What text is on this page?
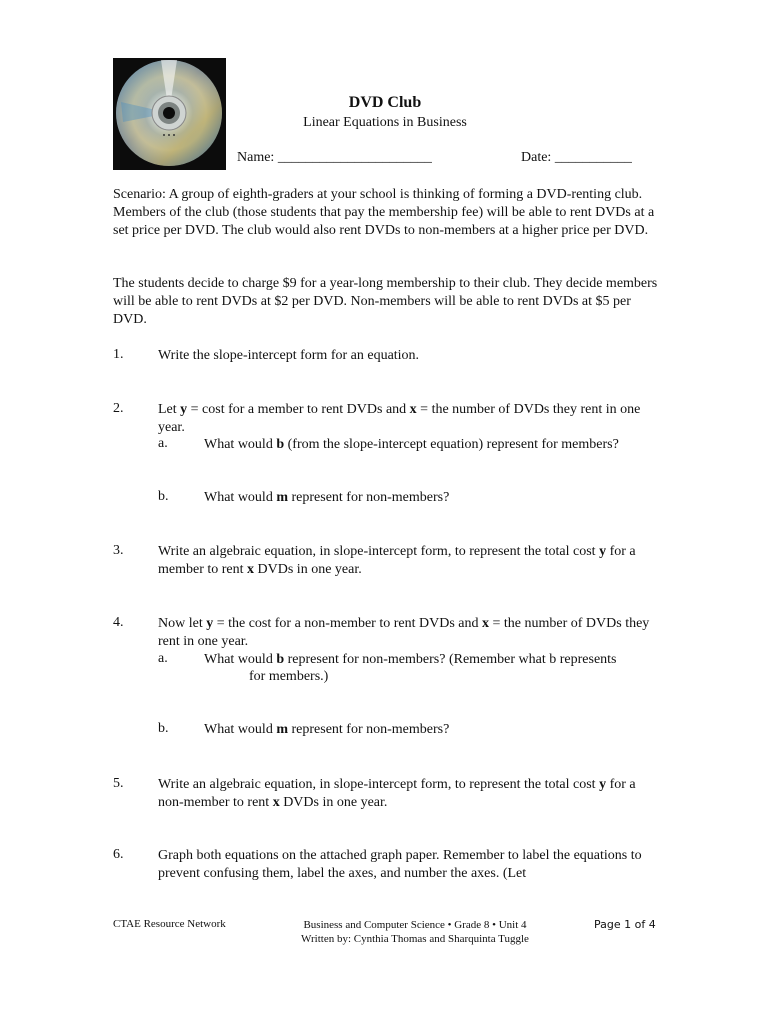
DVD Club
Linear Equations in Business
Name: ______________________	Date: ___________
Scenario: A group of eighth-graders at your school is thinking of forming a DVD-renting club. Members of the club (those students that pay the membership fee) will be able to rent DVDs at a set price per DVD. The club would also rent DVDs to non-members at a higher price per DVD.
The students decide to charge $9 for a year-long membership to their club. They decide members will be able to rent DVDs at $2 per DVD. Non-members will be able to rent DVDs at $5 per DVD.
1. Write the slope-intercept form for an equation.
2. Let y = cost for a member to rent DVDs and x = the number of DVDs they rent in one year.
a.	What would b (from the slope-intercept equation) represent for members?
b.	What would m represent for non-members?
3. Write an algebraic equation, in slope-intercept form, to represent the total cost y for a member to rent x DVDs in one year.
4. Now let y = the cost for a non-member to rent DVDs and x = the number of DVDs they rent in one year.
a.	What would b represent for non-members? (Remember what b represents
for members.)
b.	What would m represent for non-members?
5. Write an algebraic equation, in slope-intercept form, to represent the total cost y for a non-member to rent x DVDs in one year.
6. Graph both equations on the attached graph paper. Remember to label the equations to prevent confusing them, label the axes, and number the axes. (Let
CTAE Resource Network	Business and Computer Science • Grade 8 • Unit 4
Written by: Cynthia Thomas and Sharquinta Tuggle
Page 1 of 4
